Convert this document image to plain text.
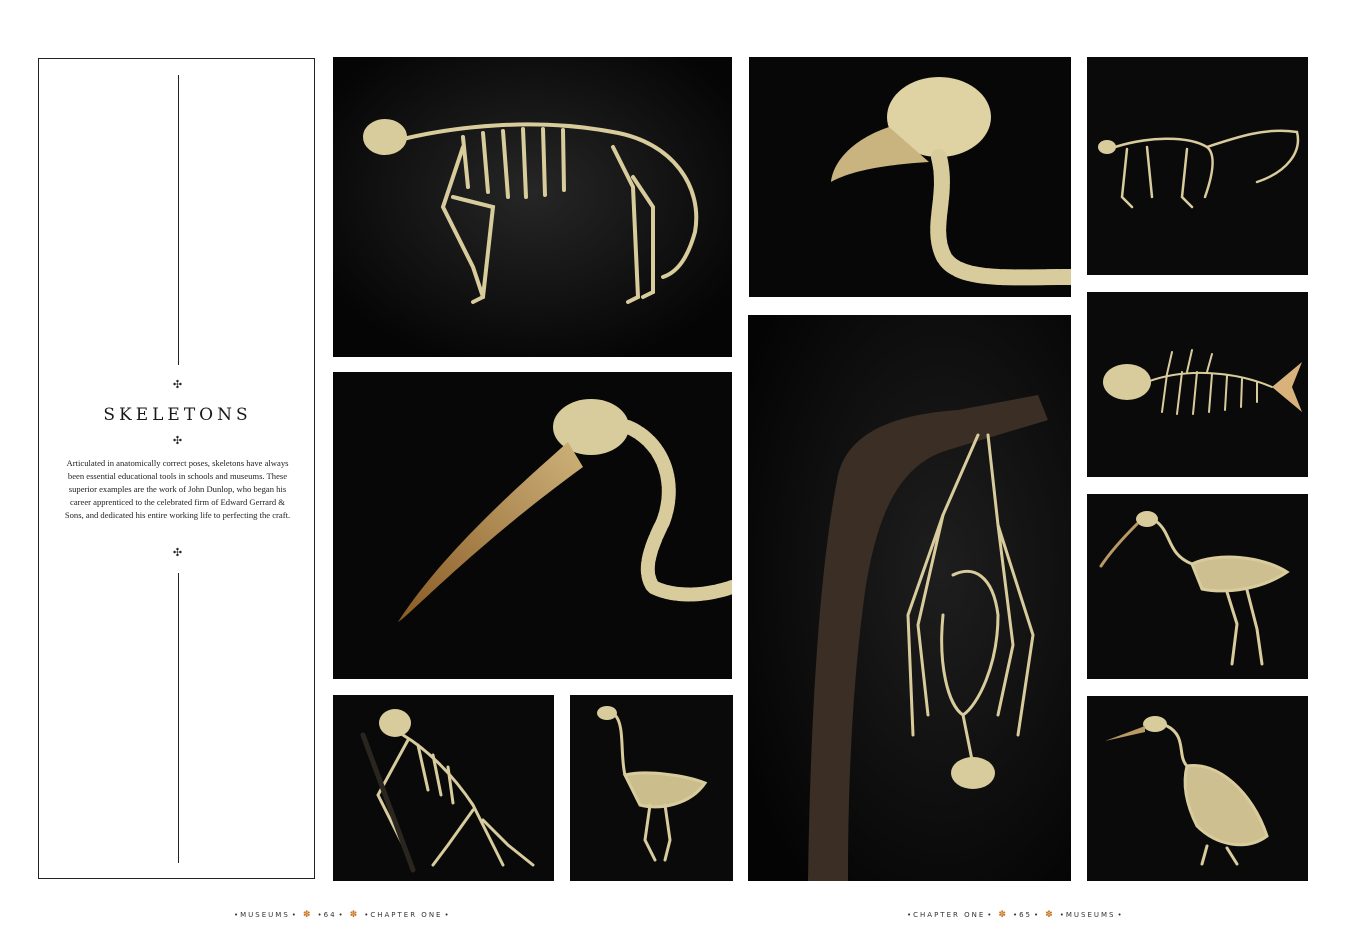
✣
SKELETONS
✣
Articulated in anatomically correct poses, skeletons have always been essential educational tools in schools and museums. These superior examples are the work of John Dunlop, who began his career apprenticed to the celebrated firm of Edward Gerrard & Sons, and dedicated his entire working life to perfecting the craft.
✣
• MUSEUMS • ✽ • 64 • ✽ • CHAPTER ONE •	• CHAPTER ONE • ✽ • 65 • ✽ • MUSEUMS •
